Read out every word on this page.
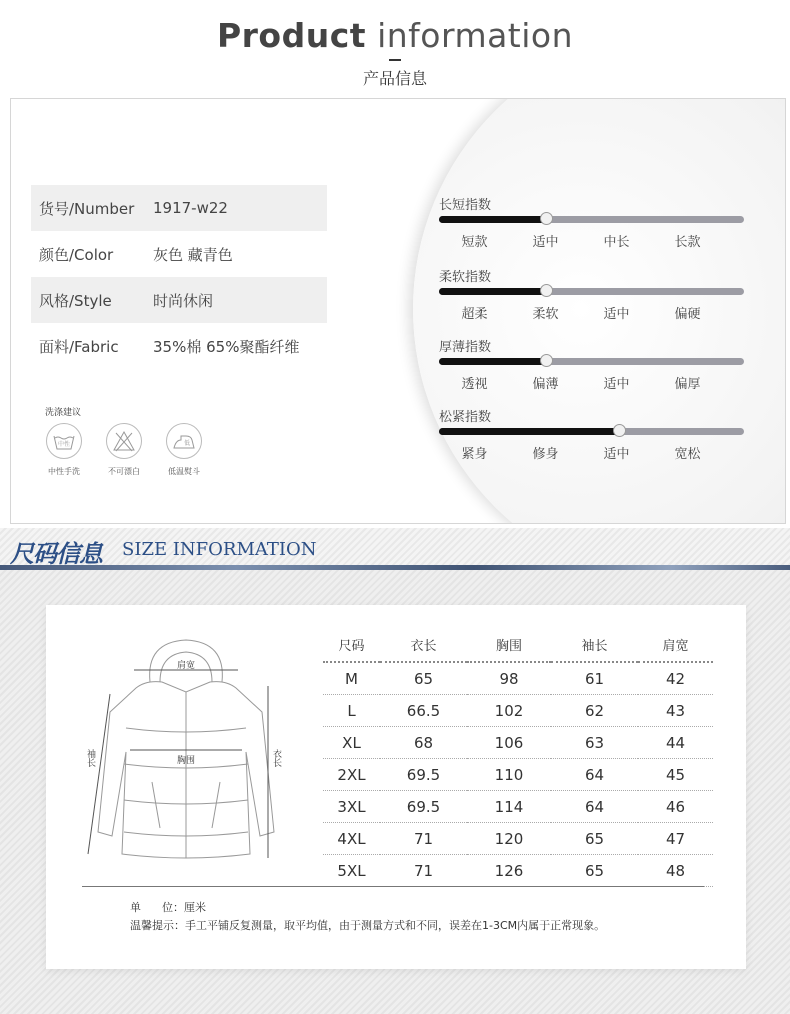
Product information
产品信息
货号/Number	1917-w22
颜色/Color	灰色 藏青色
风格/Style	时尚休闲
面料/Fabric	35%棉 65%聚酯纤维
洗涤建议
中性
中性手洗	不可漂白
低
低温熨斗
长短指数
短款	适中	中长	长款
柔软指数
超柔	柔软	适中	偏硬
厚薄指数
透视	偏薄	适中	偏厚
松紧指数
紧身	修身	适中	宽松
尺码信息 SIZE INFORMATION
肩宽
胸围
袖长	衣长
尺码	衣长	胸围	袖长	肩宽
M	65	98	61	42
L	66.5	102	62	43
XL	68	106	63	44
2XL	69.5	110	64	45
3XL	69.5	114	64	46
4XL	71	120	65	47
5XL	71	126	65	48
单      位：厘米
温馨提示：手工平铺反复测量，取平均值，由于测量方式和不同，误差在1-3CM内属于正常现象。
